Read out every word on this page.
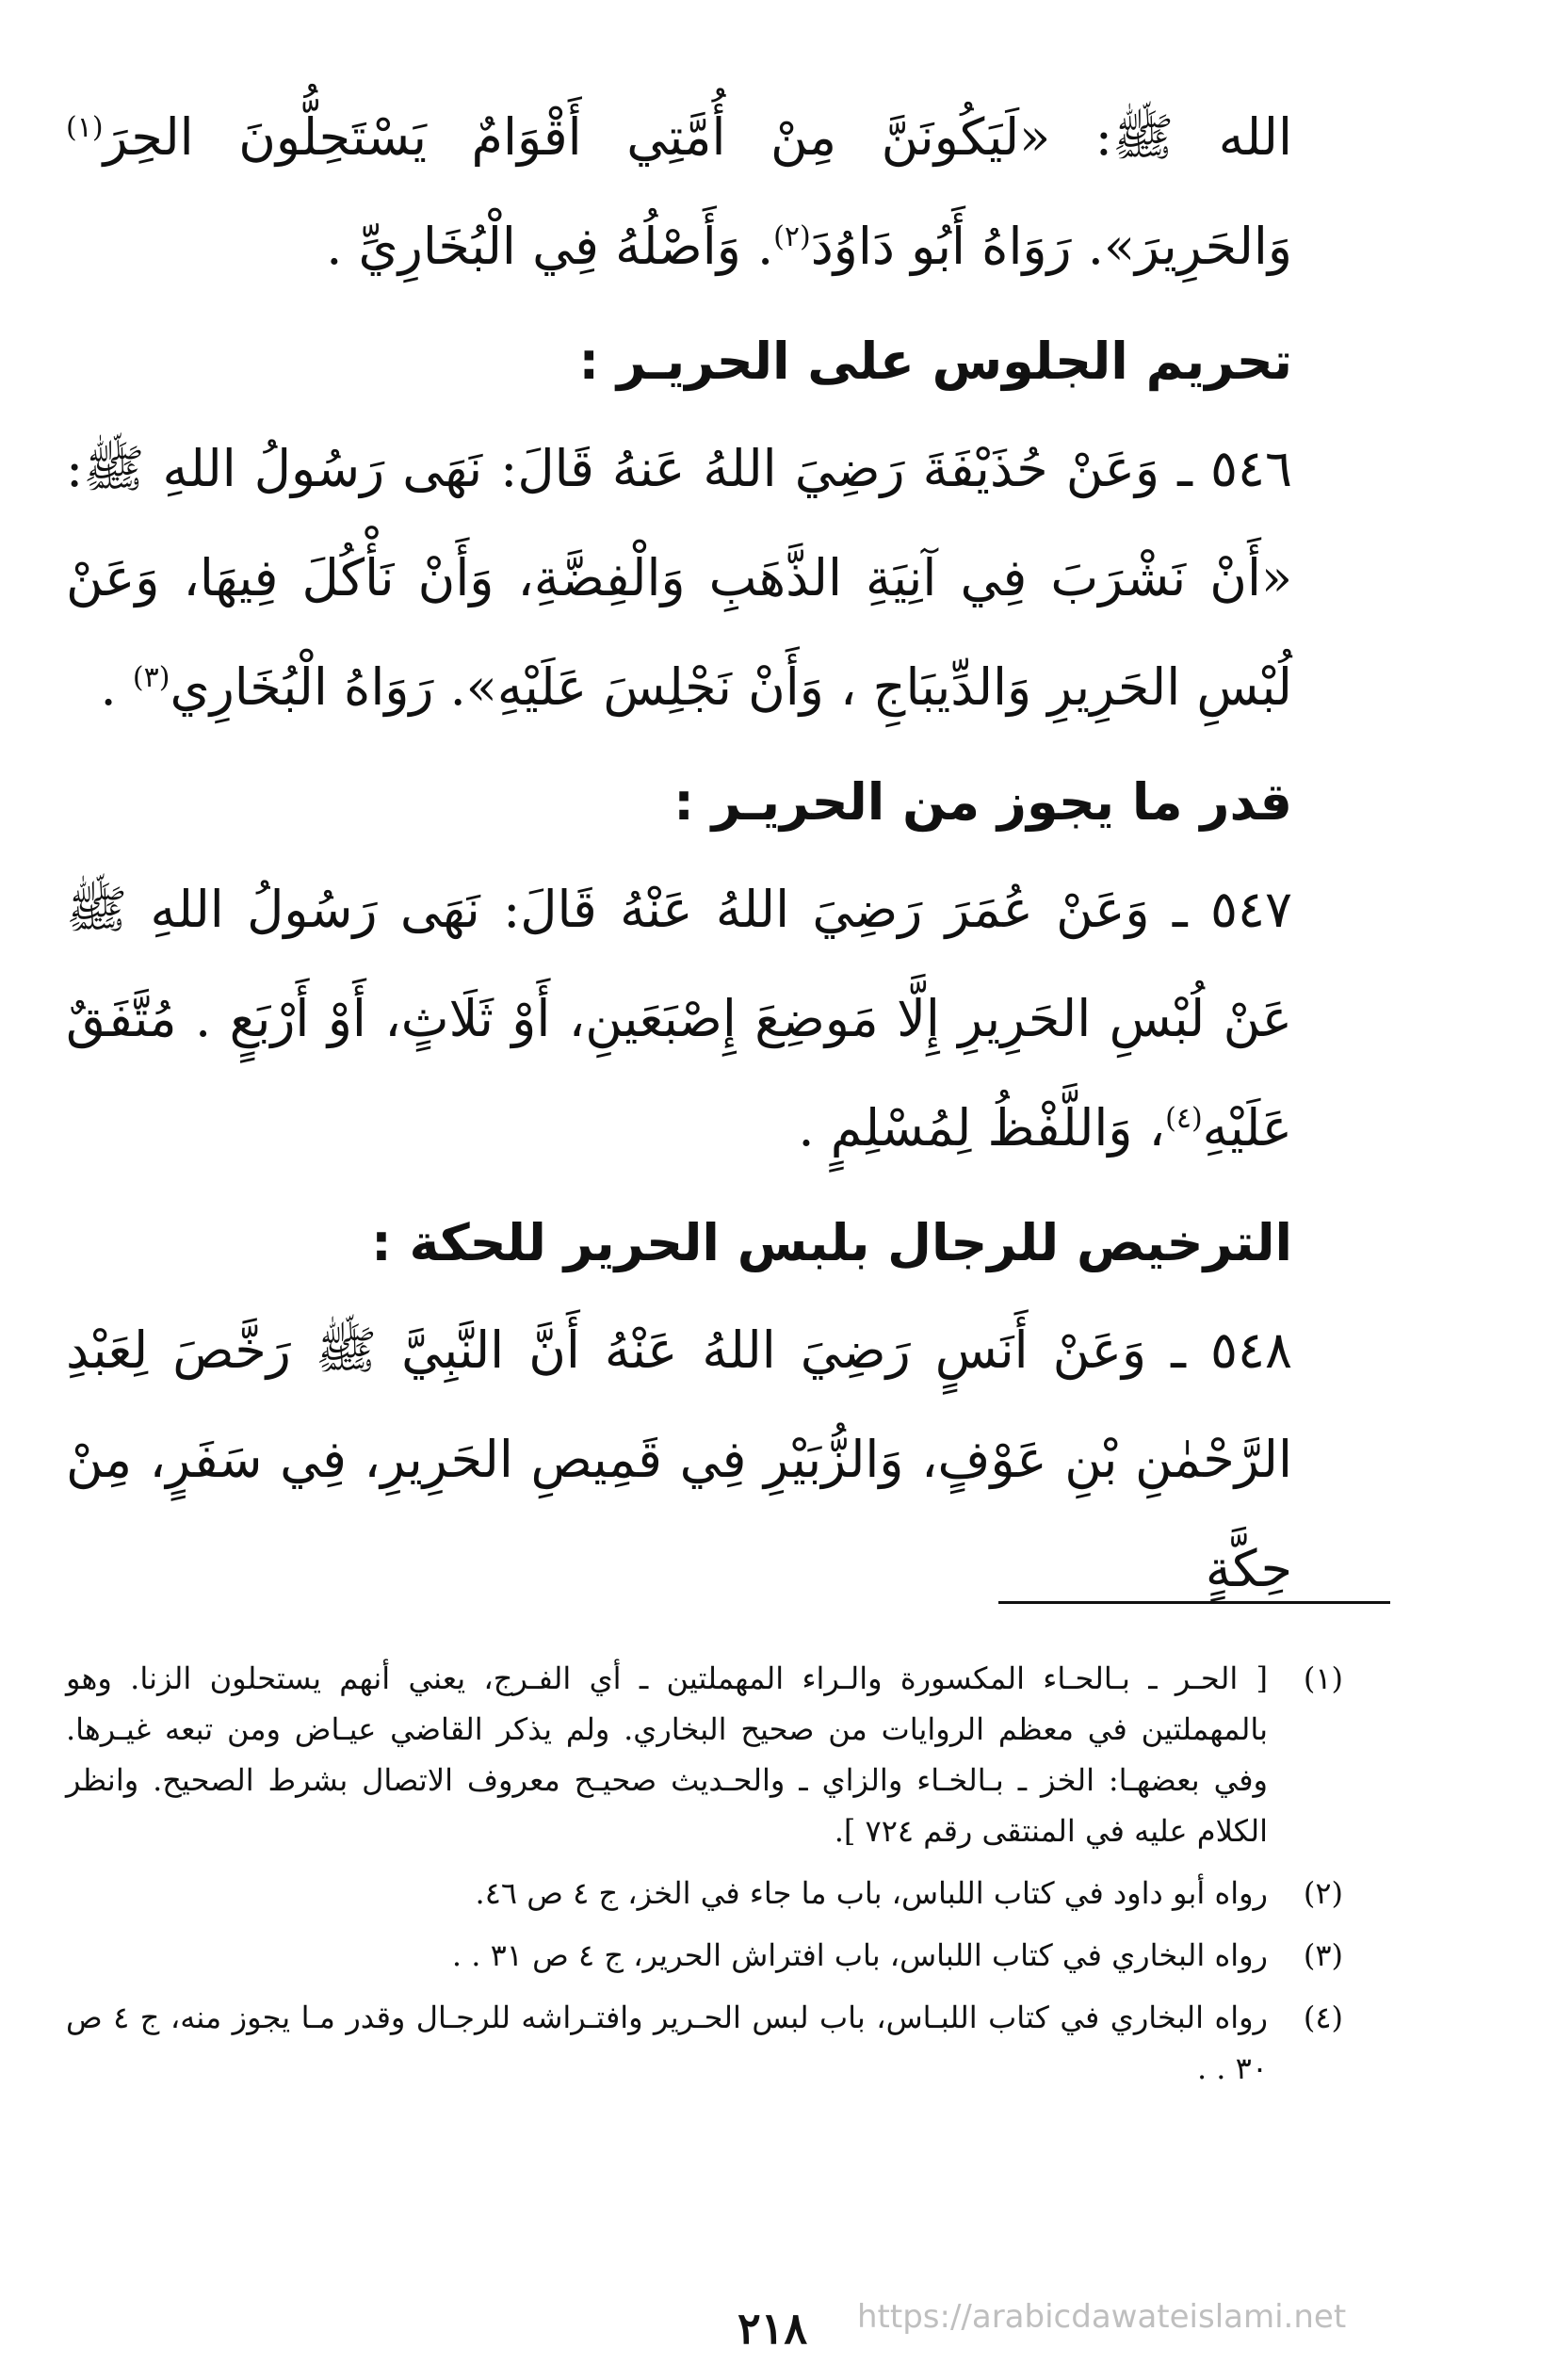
الله ﷺ: «لَيَكُونَنَّ مِنْ أُمَّتِي أَقْوَامٌ يَسْتَحِلُّونَ الحِرَ$^{(١)}$ وَالحَرِيرَ». رَوَاهُ أَبُو دَاوُدَ$^{(٢)}$. وَأَصْلُهُ فِي الْبُخَارِيِّ .

تحريم الجلوس على الحريـر :

٥٤٦ ـ وَعَنْ حُذَيْفَةَ رَضِيَ اللهُ عَنهُ قَالَ: نَهَى رَسُولُ اللهِ ﷺ: «أَنْ نَشْرَبَ فِي آنِيَةِ الذَّهَبِ وَالْفِضَّةِ، وَأَنْ نَأْكُلَ فِيهَا، وَعَنْ لُبْسِ الحَرِيرِ وَالدِّيبَاجِ ، وَأَنْ نَجْلِسَ عَلَيْهِ». رَوَاهُ الْبُخَارِي$^{(٣)}$ .

قدر ما يجوز من الحريـر :

٥٤٧ ـ وَعَنْ عُمَرَ رَضِيَ اللهُ عَنْهُ قَالَ: نَهَى رَسُولُ اللهِ ﷺ عَنْ لُبْسِ الحَرِيرِ إِلَّا مَوضِعَ إِصْبَعَينِ، أَوْ ثَلَاثٍ، أَوْ أَرْبَعٍ . مُتَّفَقٌ عَلَيْهِ$^{(٤)}$، وَاللَّفْظُ لِمُسْلِمٍ .

الترخيص للرجال بلبس الحرير للحكة :

٥٤٨ ـ وَعَنْ أَنَسٍ رَضِيَ اللهُ عَنْهُ أَنَّ النَّبِيَّ ﷺ رَخَّصَ لِعَبْدِ الرَّحْمٰنِ بْنِ عَوْفٍ، وَالزُّبَيْرِ فِي قَمِيصِ الحَرِيرِ، فِي سَفَرٍ، مِنْ حِكَّةٍ

(١)
[ الحـر ـ بـالحـاء المكسورة والـراء المهملتين ـ أي الفـرج، يعني أنهم يستحلون الزنا. وهو بالمهملتين في معظم الروايات من صحيح البخاري. ولم يذكر القاضي عيـاض ومن تبعه غيـرها. وفي بعضهـا: الخز ـ بـالخـاء والزاي ـ والحـديث صحيـح معروف الاتصال بشرط الصحيح. وانظر الكلام عليه في المنتقى رقم ٧٢٤ ].
(٢)
رواه أبو داود في كتاب اللباس، باب ما جاء في الخز، ج ٤ ص ٤٦.
(٣)
رواه البخاري في كتاب اللباس، باب افتراش الحرير، ج ٤ ص ٣١ . .
(٤)
رواه البخاري في كتاب اللبـاس، باب لبس الحـرير وافتـراشه للرجـال وقدر مـا يجوز منه، ج ٤ ص ٣٠ . .
٢١٨	https://arabicdawateislami.net
